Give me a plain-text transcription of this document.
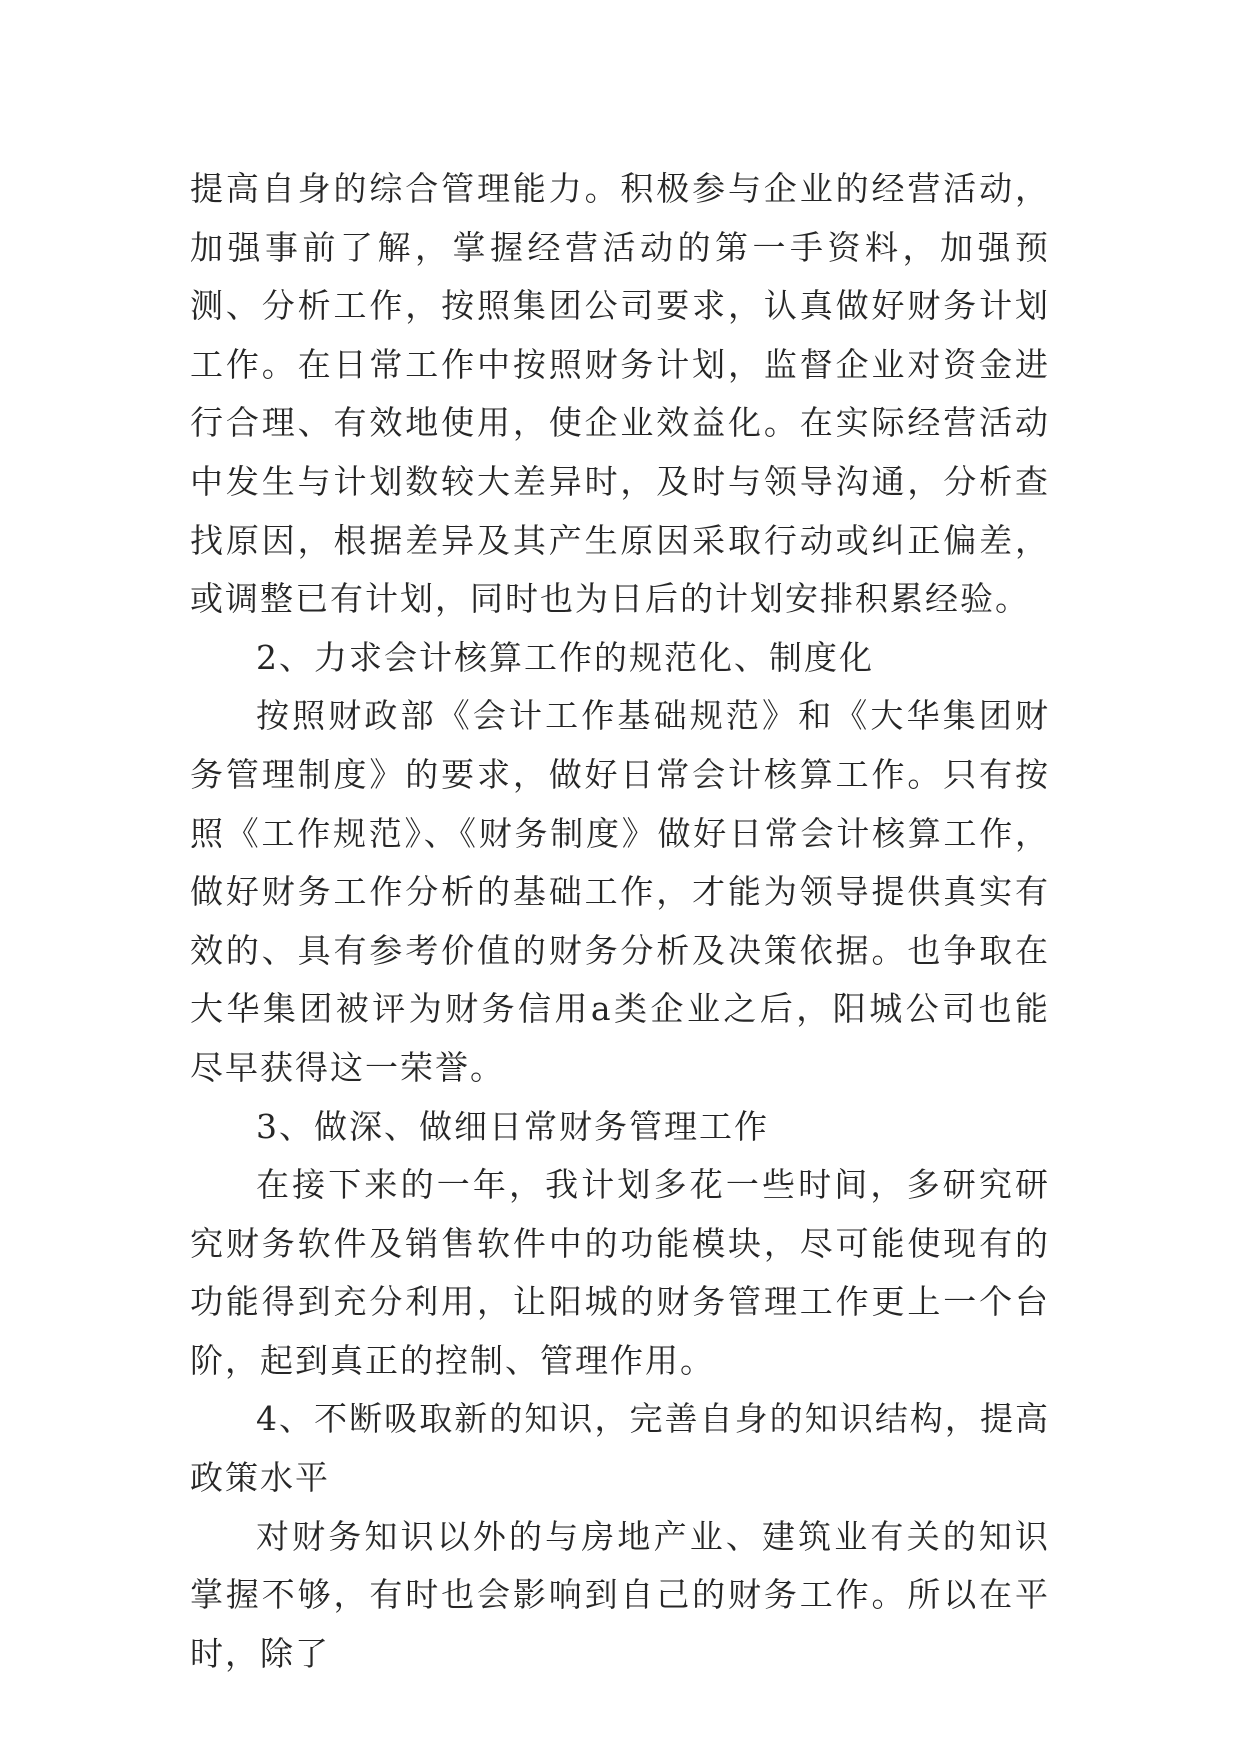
提高自身的综合管理能力。积极参与企业的经营活动，加强事前了解，掌握经营活动的第一手资料，加强预测、分析工作，按照集团公司要求，认真做好财务计划工作。在日常工作中按照财务计划，监督企业对资金进行合理、有效地使用，使企业效益化。在实际经营活动中发生与计划数较大差异时，及时与领导沟通，分析查找原因，根据差异及其产生原因采取行动或纠正偏差，或调整已有计划，同时也为日后的计划安排积累经验。

2、力求会计核算工作的规范化、制度化

按照财政部《会计工作基础规范》和《大华集团财务管理制度》的要求，做好日常会计核算工作。只有按照《工作规范》、《财务制度》做好日常会计核算工作，做好财务工作分析的基础工作，才能为领导提供真实有效的、具有参考价值的财务分析及决策依据。也争取在大华集团被评为财务信用a类企业之后，阳城公司也能尽早获得这一荣誉。

3、做深、做细日常财务管理工作

在接下来的一年，我计划多花一些时间，多研究研究财务软件及销售软件中的功能模块，尽可能使现有的功能得到充分利用，让阳城的财务管理工作更上一个台阶，起到真正的控制、管理作用。

4、不断吸取新的知识，完善自身的知识结构，提高政策水平

对财务知识以外的与房地产业、建筑业有关的知识掌握不够，有时也会影响到自己的财务工作。所以在平时，除了
